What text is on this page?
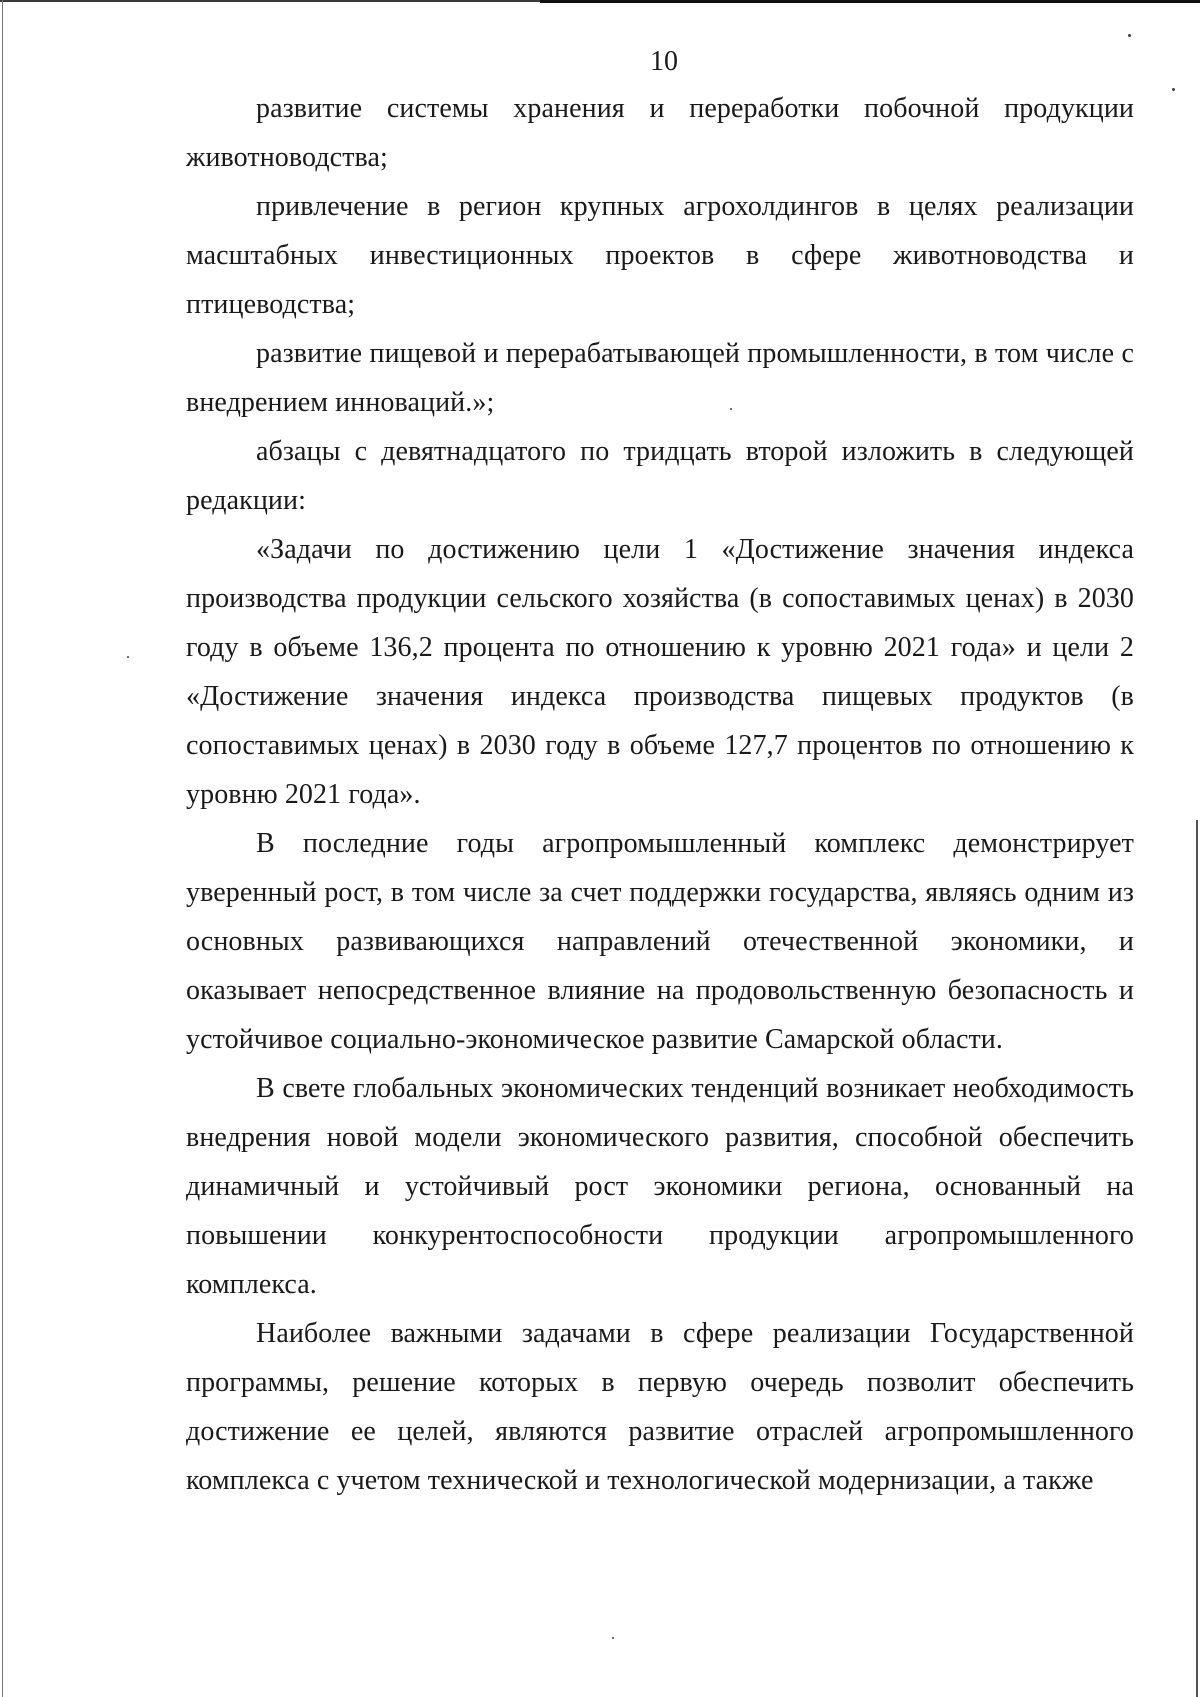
10

развитие системы хранения и переработки побочной продукции животноводства;

привлечение в регион крупных агрохолдингов в целях реализации масштабных инвестиционных проектов в сфере животноводства и птицеводства;

развитие пищевой и перерабатывающей промышленности, в том числе с внедрением инноваций.»;

абзацы с девятнадцатого по тридцать второй изложить в следующей редакции:

«Задачи по достижению цели 1 «Достижение значения индекса производства продукции сельского хозяйства (в сопоставимых ценах) в 2030 году в объеме 136,2 процента по отношению к уровню 2021 года» и цели 2 «Достижение значения индекса производства пищевых продуктов (в сопоставимых ценах) в 2030 году в объеме 127,7 процентов по отношению к уровню 2021 года».

В последние годы агропромышленный комплекс демонстрирует уверенный рост, в том числе за счет поддержки государства, являясь одним из основных развивающихся направлений отечественной экономики, и оказывает непосредственное влияние на продовольственную безопасность и устойчивое социально-экономическое развитие Самарской области.

В свете глобальных экономических тенденций возникает необходимость внедрения новой модели экономического развития, способной обеспечить динамичный и устойчивый рост экономики региона, основанный на повышении конкурентоспособности продукции агропромышленного комплекса.

Наиболее важными задачами в сфере реализации Государственной программы, решение которых в первую очередь позволит обеспечить достижение ее целей, являются развитие отраслей агропромышленного комплекса с учетом технической и технологической модернизации, а также
